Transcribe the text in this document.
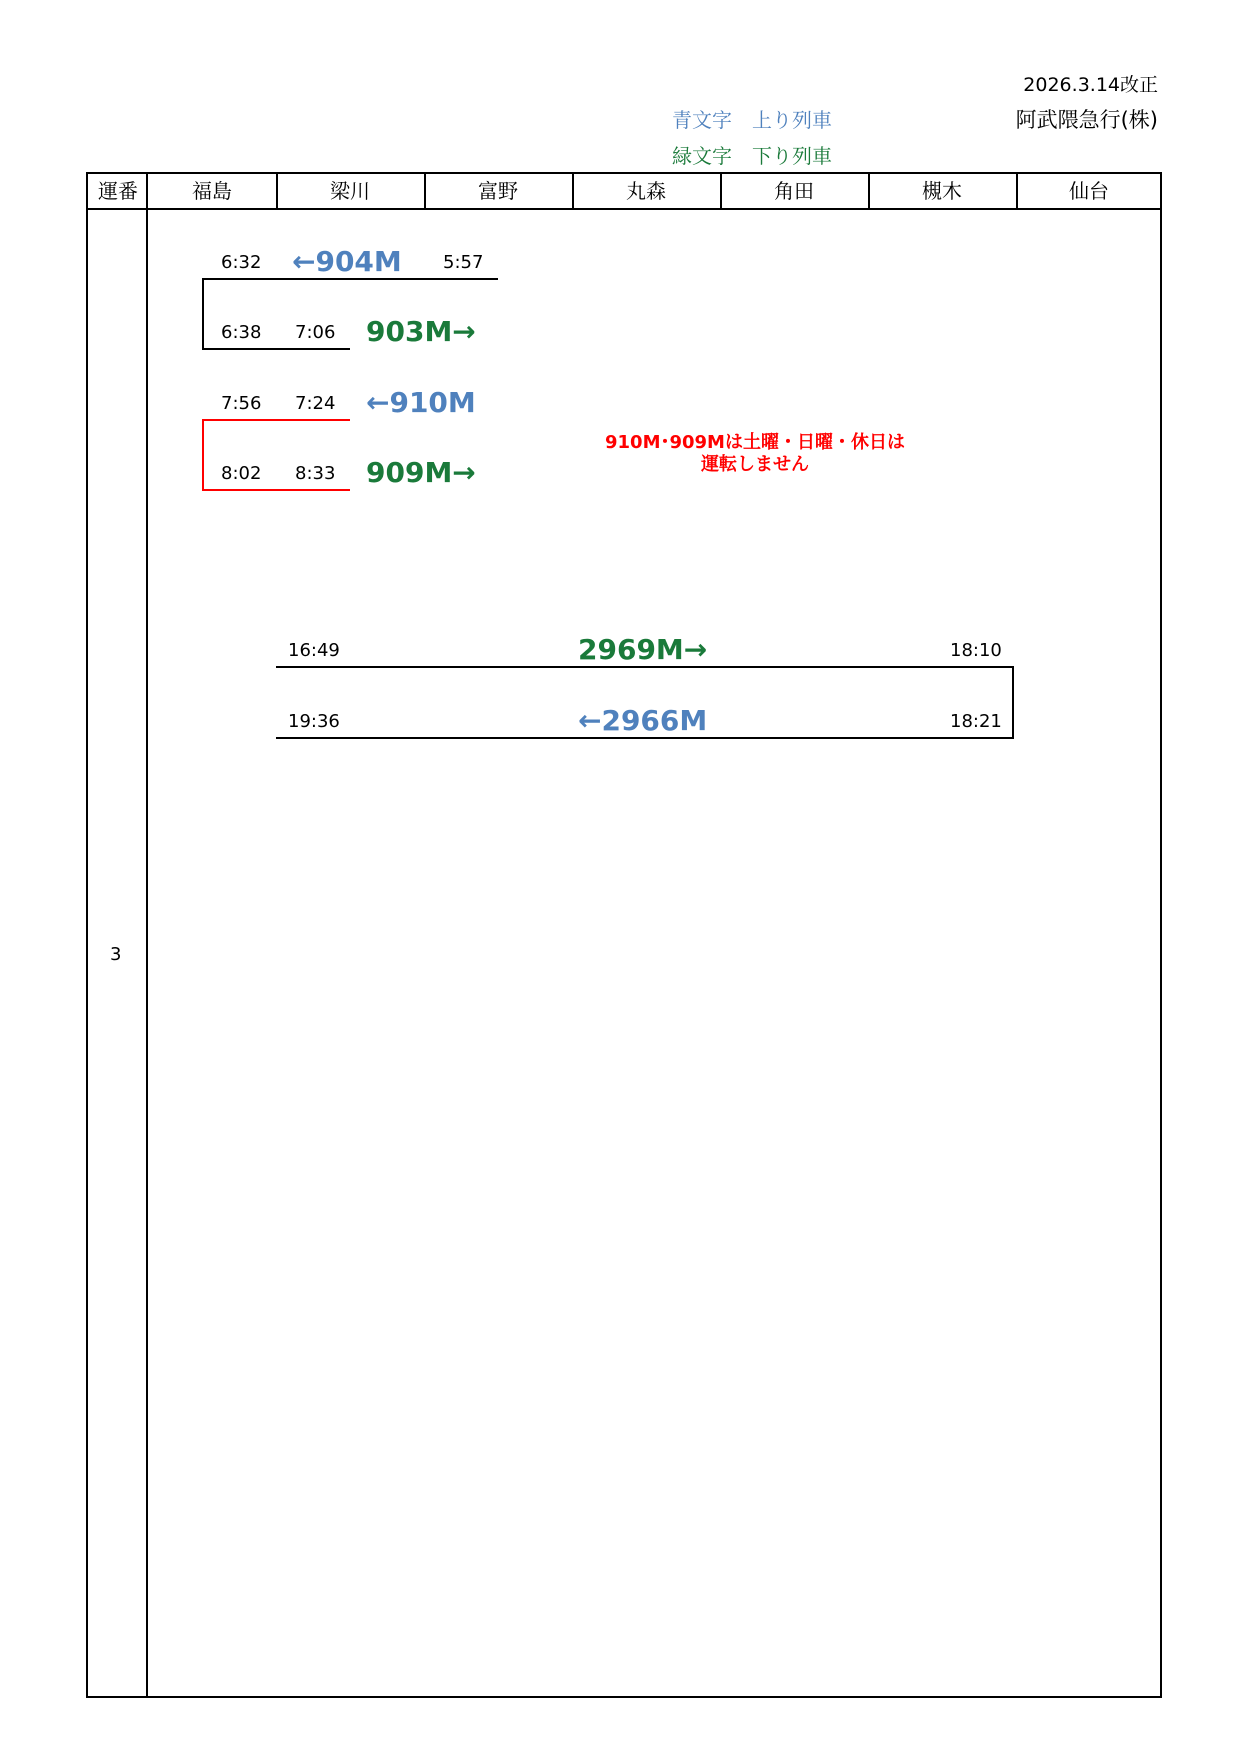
2026.3.14改正
阿武隈急行(株)
青文字　上り列車
緑文字　下り列車
運番	福島	梁川	富野	丸森	角田	槻木	仙台
3
6:32 ←904M 5:57
6:38 7:06 903M→
7:56 7:24 ←910M
8:02 8:33 909M→
910M･909Mは土曜・日曜・休日は
運転しません
16:49	2969M→	18:10
19:36	←2966M	18:21
